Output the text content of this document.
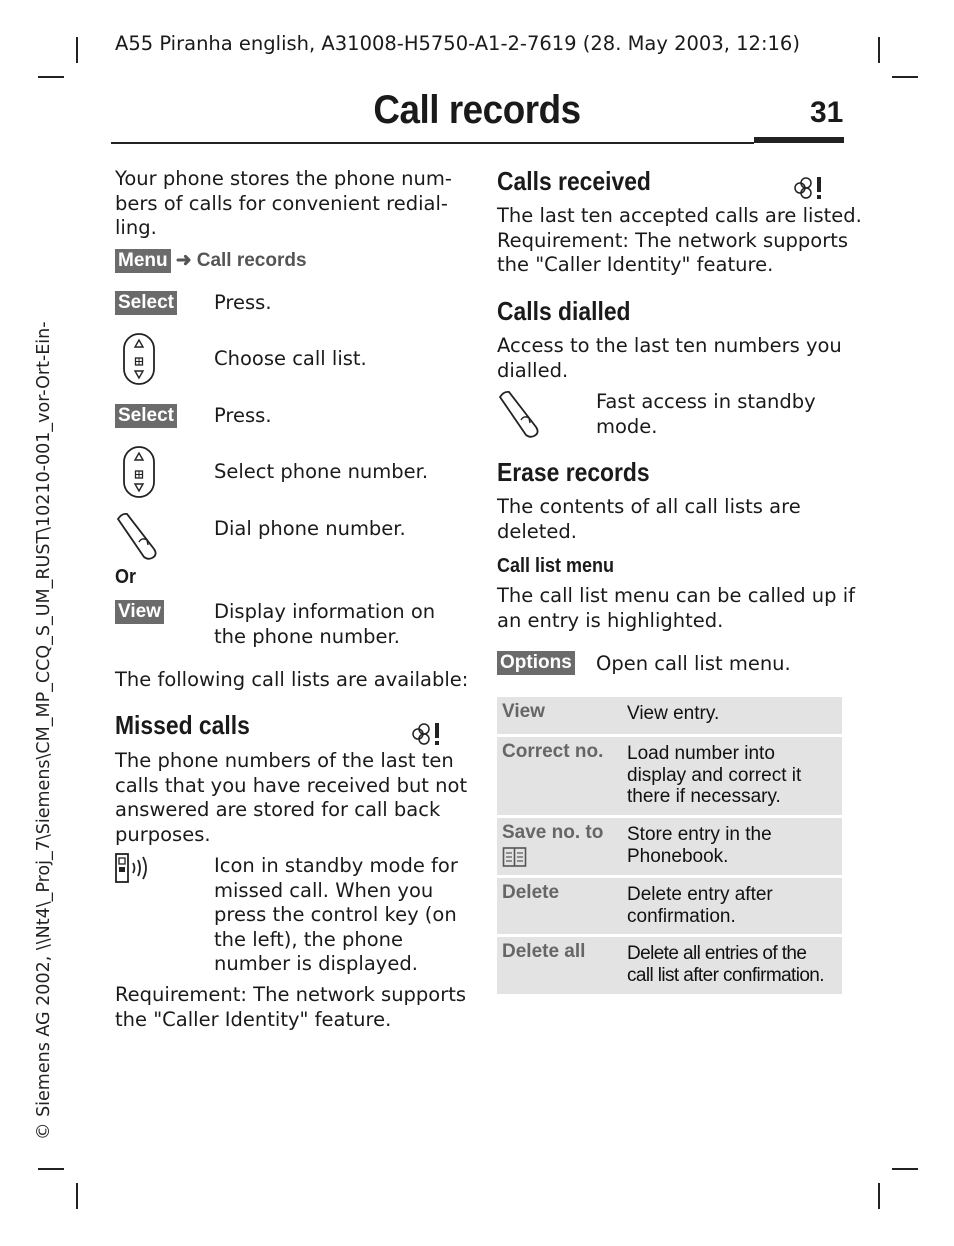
A55 Piranha english, A31008-H5750-A1-2-7619 (28. May 2003, 12:16)
Call records	31
© Siemens AG 2002, \\Nt4\_Proj_7\Siemens\CM_MP_CCQ_S_UM_RUST\10210-001_vor-Ort-Ein-
Your phone stores the phone num-
bers of calls for convenient redial-
ling.
Menu ➜ Call records
Select Press.
Choose call list.
Select Press.
Select phone number.
Dial phone number.
Or
View	Display information on
the phone number.
The following call lists are available:
Missed calls
The phone numbers of the last ten
calls that you have received but not
answered are stored for call back
purposes.
Icon in standby mode for
missed call. When you
press the control key (on
the left), the phone
number is displayed.
Requirement: The network supports
the "Caller Identity" feature.
Calls received
The last ten accepted calls are listed.
Requirement: The network supports
the "Caller Identity" feature.
Calls dialled
Access to the last ten numbers you
dialled.
Fast access in standby
mode.
Erase records
The contents of all call lists are
deleted.
Call list menu
The call list menu can be called up if
an entry is highlighted.
Options Open call list menu.
View	View entry.
Correct no.	Load number into display and correct it there if necessary.
Save no. to	Store entry in the Phonebook.
Delete	Delete entry after confirmation.
Delete all	Delete all entries of the call list after confirmation.
